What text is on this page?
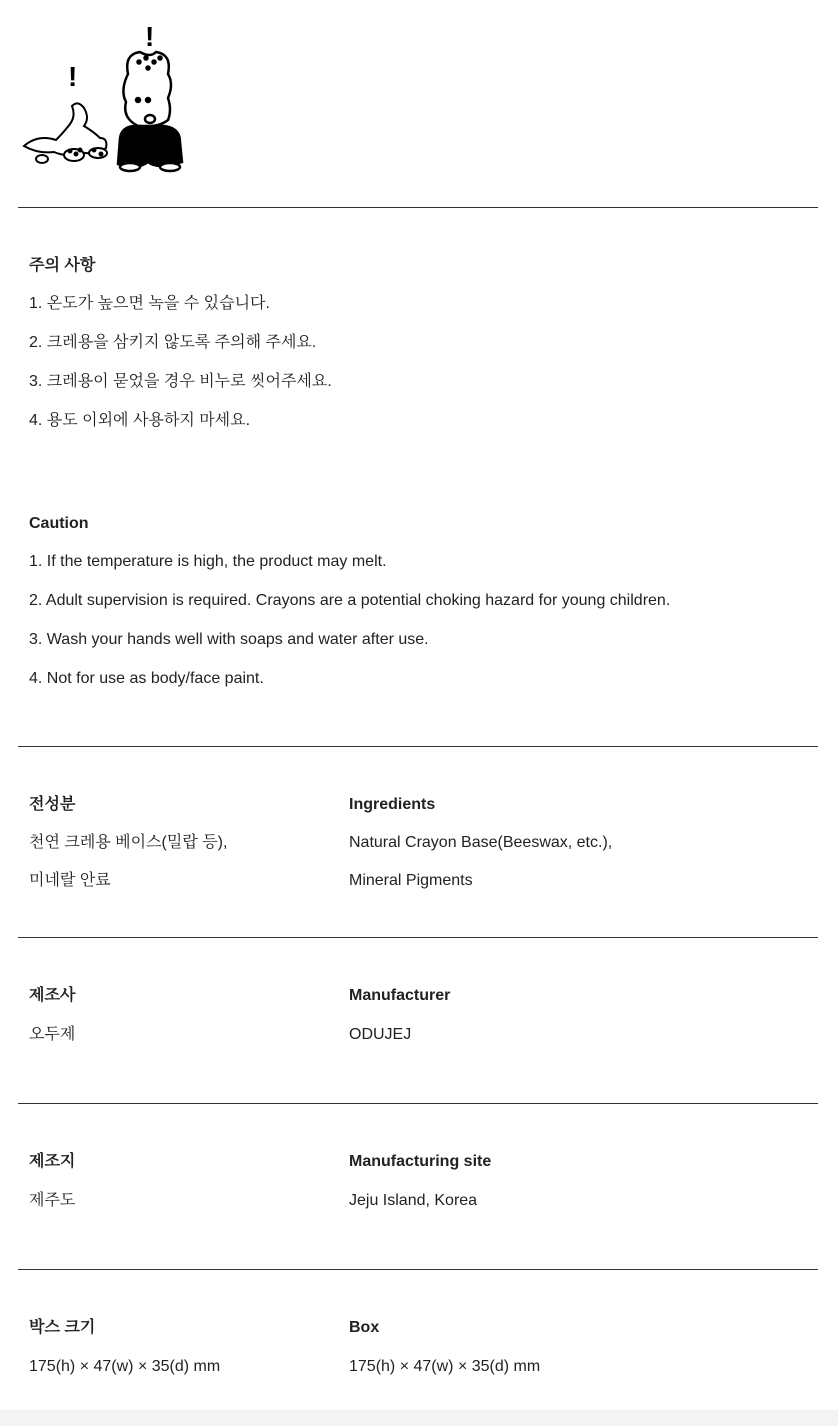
!
!

주의 사항

1. 온도가 높으면 녹을 수 있습니다.

2. 크레용을 삼키지 않도록 주의해 주세요.

3. 크레용이 묻었을 경우 비누로 씻어주세요.

4. 용도 이외에 사용하지 마세요.

Caution

1. If the temperature is high, the product may melt.

2. Adult supervision is required. Crayons are a potential choking hazard for young children.

3. Wash your hands well with soaps and water after use.

4. Not for use as body/face paint.

전성분

천연 크레용 베이스(밀랍 등),

미네랄 안료

Ingredients

Natural Crayon Base(Beeswax, etc.),

Mineral Pigments

제조사

오두제

Manufacturer

ODUJEJ

제조지

제주도

Manufacturing site

Jeju Island, Korea

박스 크기

175(h) × 47(w) × 35(d) mm

Box

175(h) × 47(w) × 35(d) mm
